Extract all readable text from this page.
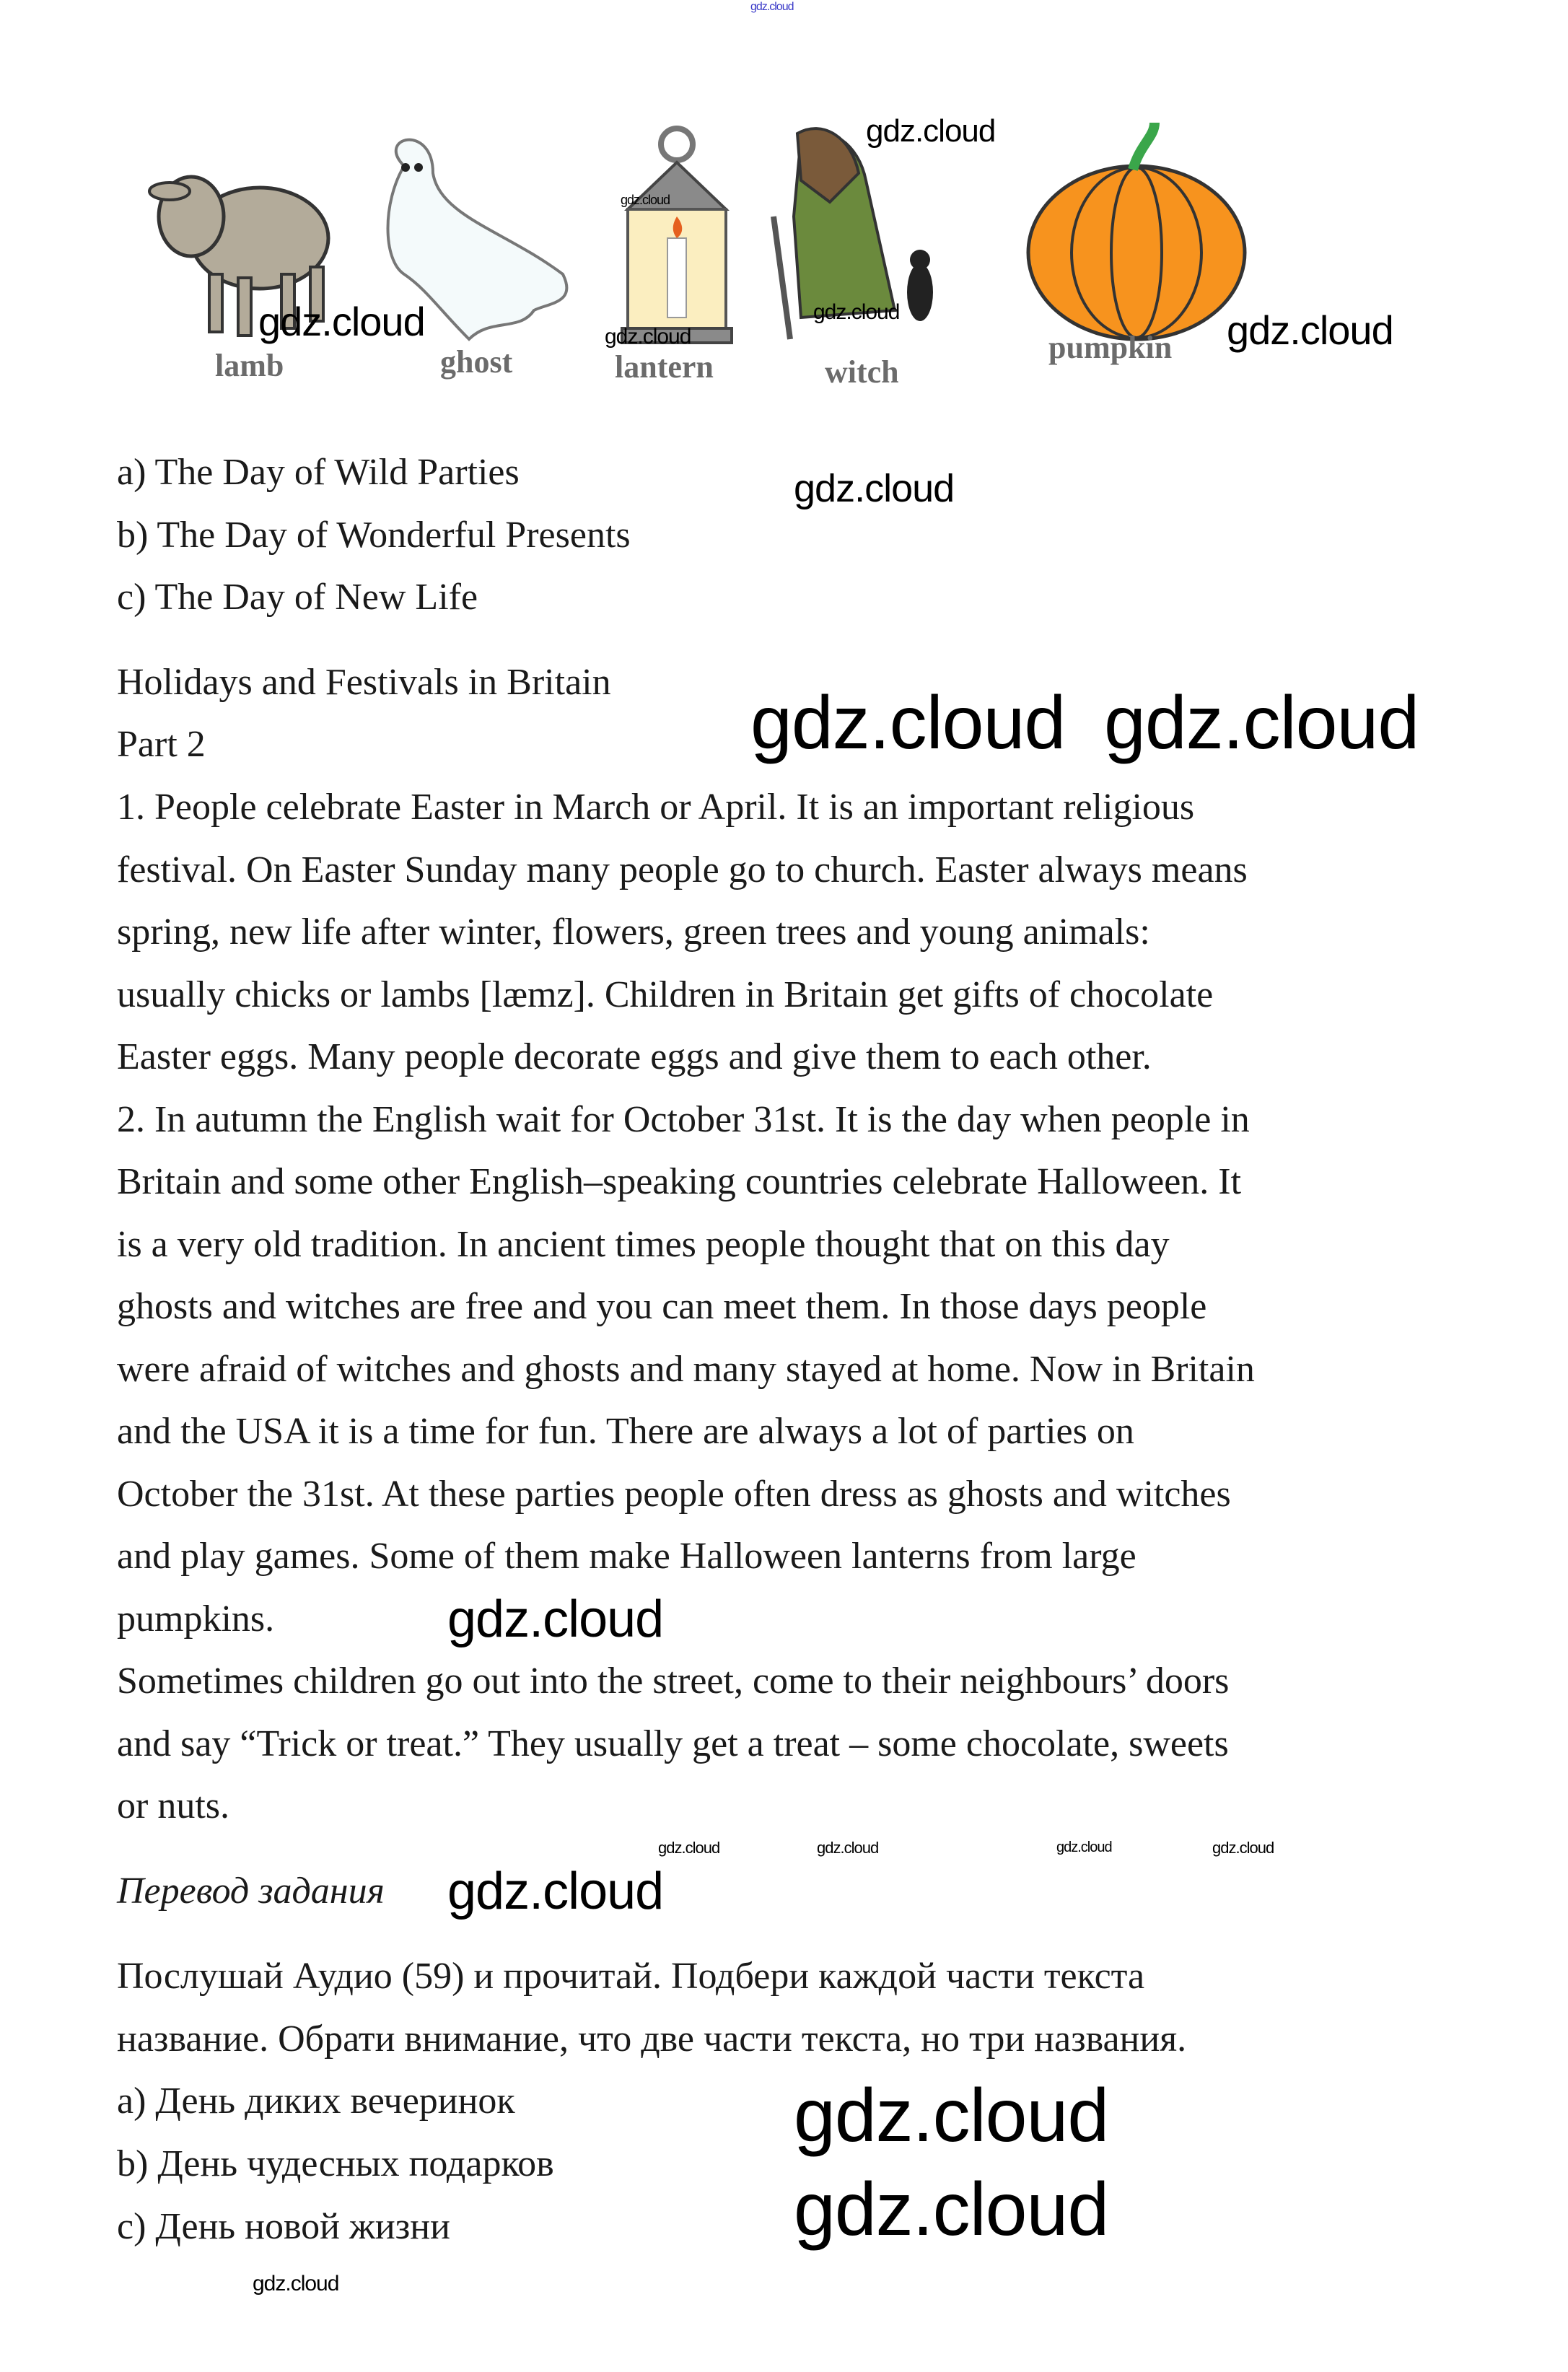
gdz.cloud
lamb	ghost	lantern	witch
pumpkin
a) The Day of Wild Parties
b) The Day of Wonderful Presents
c) The Day of New Life
Holidays and Festivals in Britain
Part 2
1. People celebrate Easter in March or April. It is an important religious
festival. On Easter Sunday many people go to church. Easter always means
spring, new life after winter, flowers, green trees and young animals:
usually chicks or lambs [læmz]. Children in Britain get gifts of chocolate
Easter eggs. Many people decorate eggs and give them to each other.
2. In autumn the English wait for October 31st. It is the day when people in
Britain and some other English–speaking countries celebrate Halloween. It
is a very old tradition. In ancient times people thought that on this day
ghosts and witches are free and you can meet them. In those days people
were afraid of witches and ghosts and many stayed at home. Now in Britain
and the USA it is a time for fun. There are always a lot of parties on
October the 31st. At these parties people often dress as ghosts and witches
and play games. Some of them make Halloween lanterns from large
pumpkins.
Sometimes children go out into the street, come to their neighbours’ doors
and say “Trick or treat.” They usually get a treat – some chocolate, sweets
or nuts.
Перевод задания
Послушай Аудио (59) и прочитай. Подбери каждой части текста
название. Обрати внимание, что две части текста, но три названия.
a) День диких вечеринок
b) День чудесных подарков
c) День новой жизни
gdz.cloud
gdz.cloud
gdz.cloud
gdz.cloud
gdz.cloud	gdz.cloud
gdz.cloud gdz.cloud
gdz.cloud	gdz.cloud	gdz.cloud	gdz.cloud
gdz.cloud
gdz.cloud
gdz.cloud
gdz.cloud
gdz.cloud
gdz.cloud
